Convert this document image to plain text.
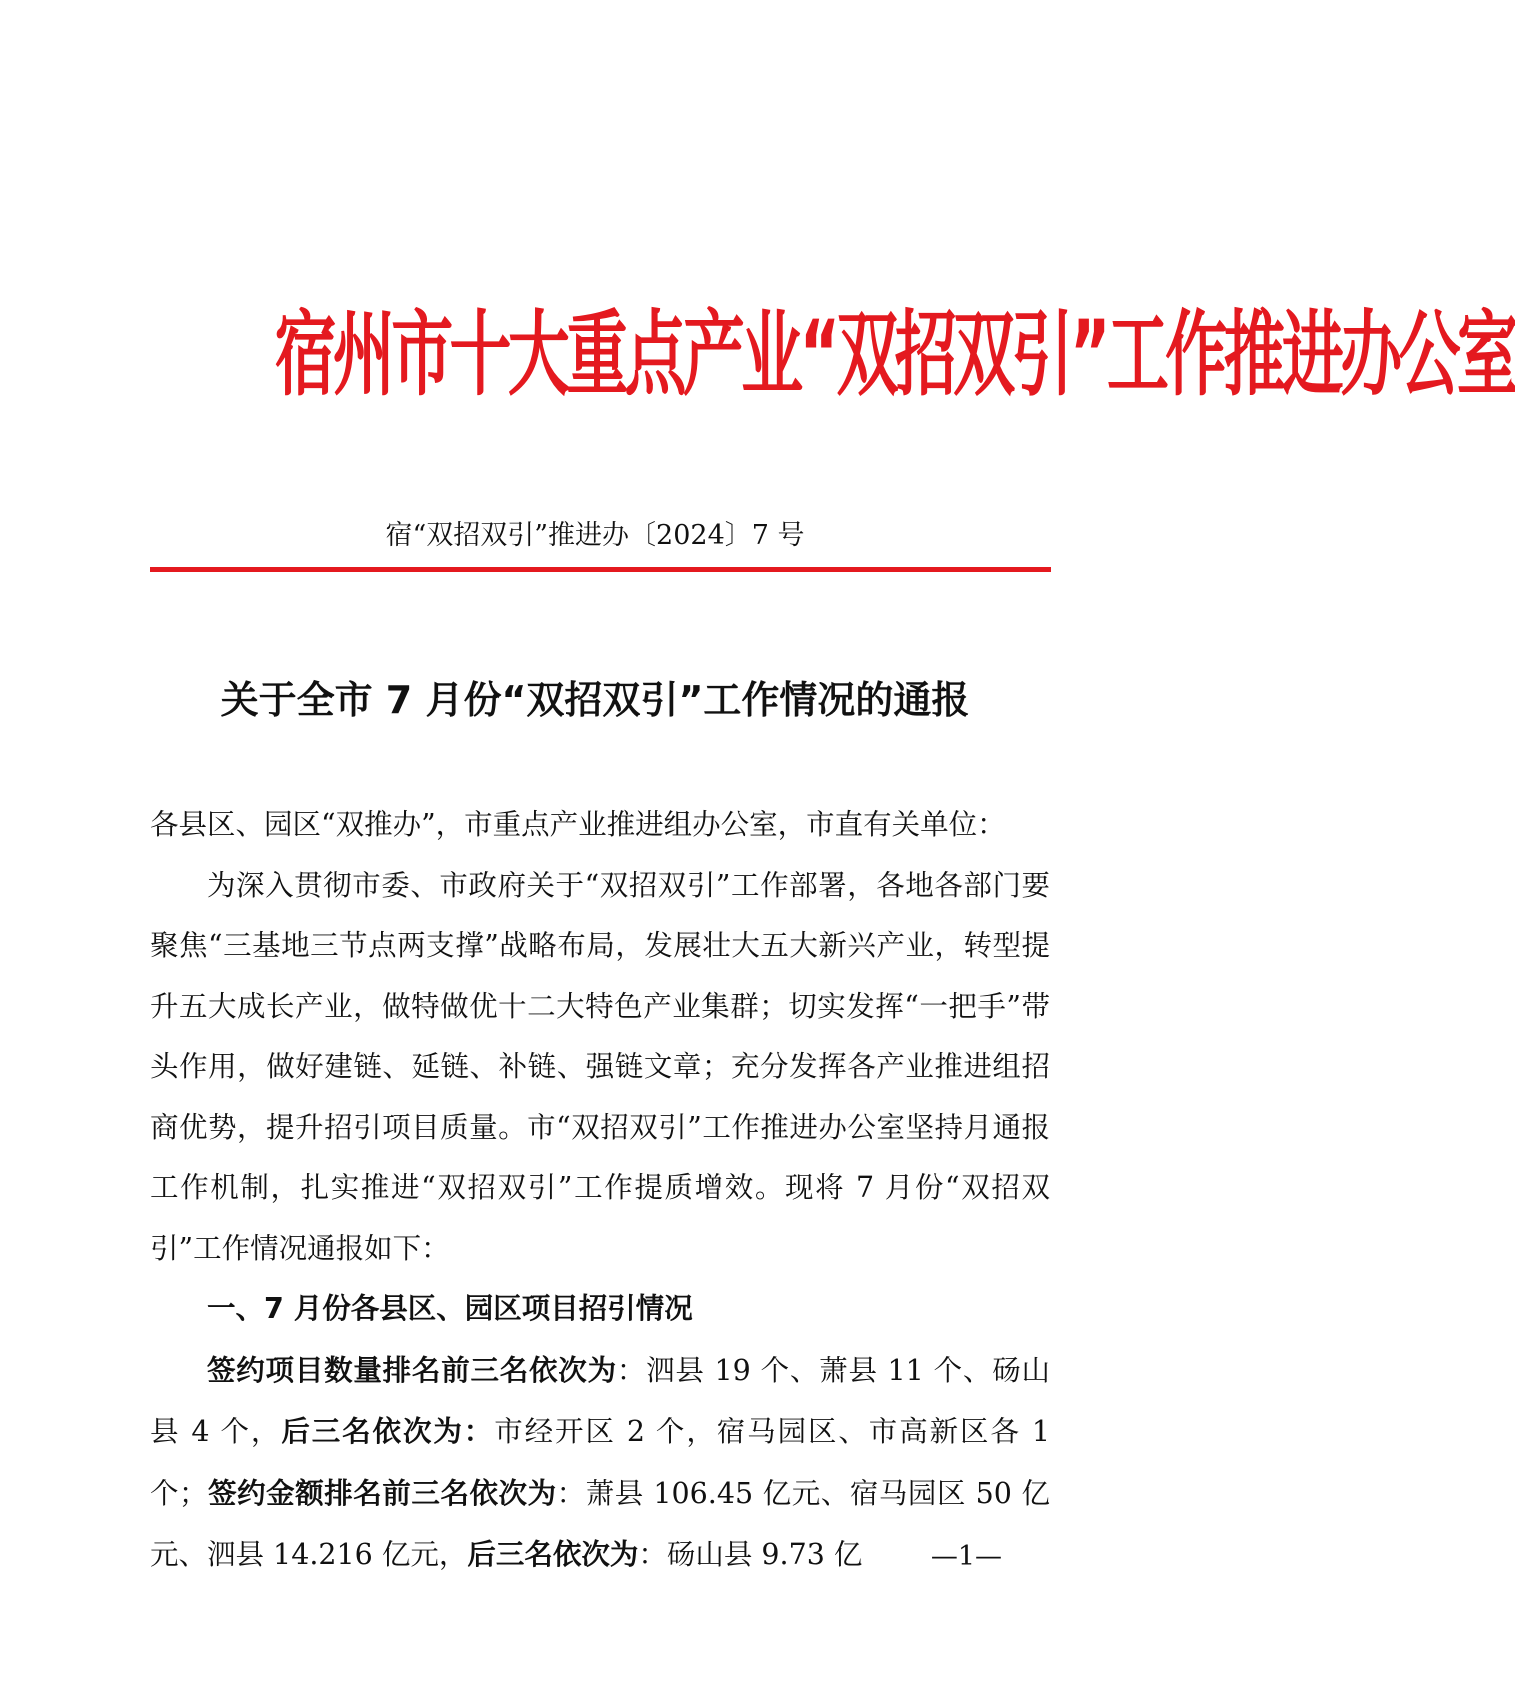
宿州市十大重点产业“双招双引”工作推进办公室
宿“双招双引”推进办〔2024〕7 号
关于全市 7 月份“双招双引”工作情况的通报

各县区、园区“双推办”，市重点产业推进组办公室，市直有关单位：

为深入贯彻市委、市政府关于“双招双引”工作部署，各地各部门要聚焦“三基地三节点两支撑”战略布局，发展壮大五大新兴产业，转型提升五大成长产业，做特做优十二大特色产业集群；切实发挥“一把手”带头作用，做好建链、延链、补链、强链文章；充分发挥各产业推进组招商优势，提升招引项目质量。市“双招双引”工作推进办公室坚持月通报工作机制，扎实推进“双招双引”工作提质增效。现将 7 月份“双招双引”工作情况通报如下：

一、7 月份各县区、园区项目招引情况

签约项目数量排名前三名依次为：泗县 19 个、萧县 11 个、砀山县 4 个，后三名依次为：市经开区 2 个，宿马园区、市高新区各 1 个；签约金额排名前三名依次为：萧县 106.45 亿元、宿马园区 50 亿元、泗县 14.216 亿元，后三名依次为：砀山县 9.73 亿	—1—
